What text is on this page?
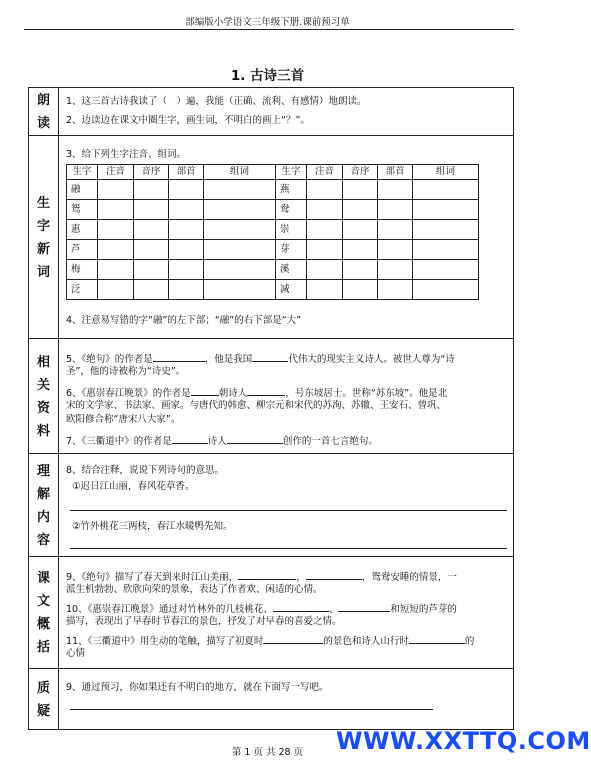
部编版小学语文三年级下册.课前预习单
1. 古诗三首
朗
读
1、这三首古诗我读了（　）遍，我能（正确、流利、有感情）地朗读。
2、边读边在课文中圈生字，画生词，不明白的画上“？”。
生
字
新
词
3、给下列生字注音、组词。
生字	注音	音序	部首	组词	生字	注音	音序	部首	组词
融					燕				
鸳					鸯				
惠					崇				
芦					芽				
梅					溪				
泛					减				
4、注意易写错的字“融”的左下部；“融”的右下部是“大”
相
关
资
料
5、《绝句》的作者是	，他是我国	代伟大的现实主义诗人。被世人尊为“诗
圣”，他的诗被称为“诗史”。
6、《惠崇春江晚景》的作者是	朝诗人	，号东坡居士。世称“苏东坡”。他是北
宋的文学家、书法家、画家。与唐代的韩愈、柳宗元和宋代的苏洵、苏辙、王安石、曾巩、
欧阳修合称“唐宋八大家”。
7、《三衢道中》的作者是	诗人	创作的一首七言绝句。
理
解
内
容
8、结合注释，说说下列诗句的意思。
①迟日江山丽，春风花草香。
②竹外桃花三两枝，春江水暖鸭先知。
课
文
概
括
9、《绝句》描写了春天到来时江山美丽，	，	，鸳鸯安睡的情景，一
派生机勃勃、欣欣向荣的景象，表达了作者欢、闲适的心情。
10、《惠崇春江晚景》通过对竹林外的几枝桃花、	、	和短短的芦芽的
描写，表现出了早春时节春江的景色，抒发了对早春的喜爱之情。
11、《三衢道中》用生动的笔触，描写了初夏时	的景色和诗人山行时	的
心情
质
疑
9、通过预习，你如果还有不明白的地方，就在下面写一写吧。
WWW.XXTTQ.COM
第 1 页 共 28 页
